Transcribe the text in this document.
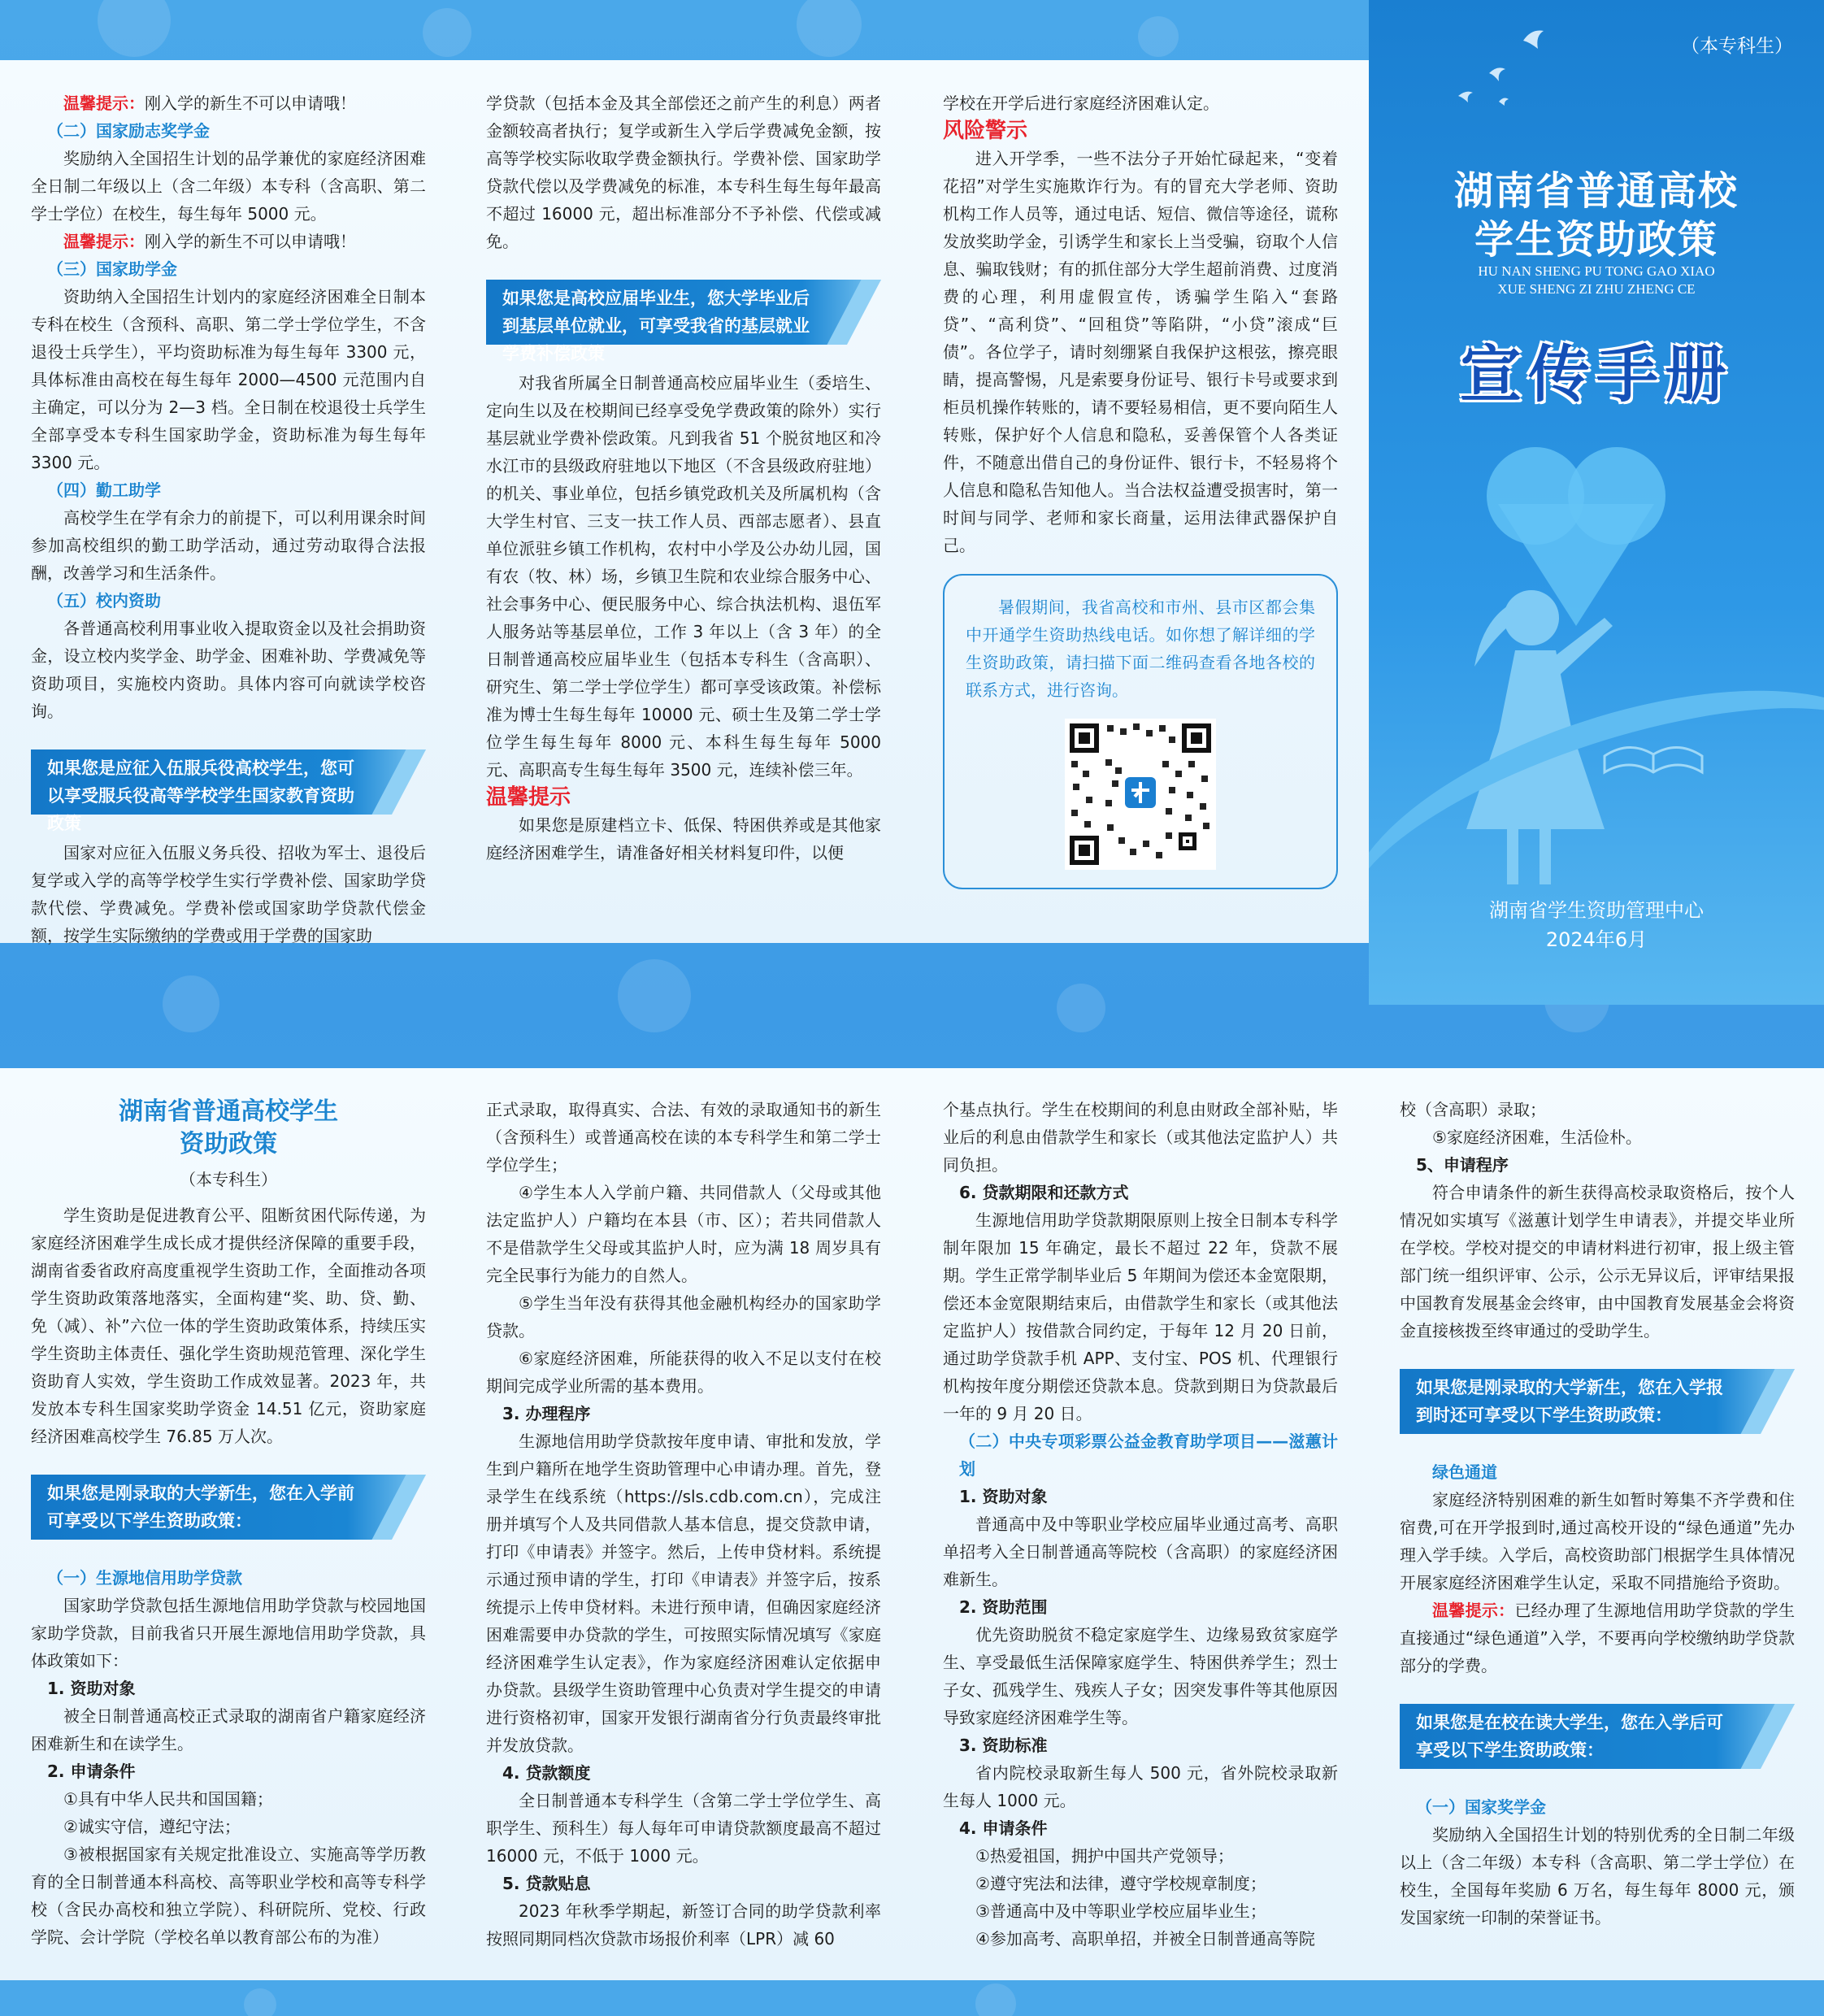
温馨提示：刚入学的新生不可以申请哦！

（二）国家励志奖学金

奖励纳入全国招生计划的品学兼优的家庭经济困难全日制二年级以上（含二年级）本专科（含高职、第二学士学位）在校生，每生每年 5000 元。

温馨提示：刚入学的新生不可以申请哦！

（三）国家助学金

资助纳入全国招生计划内的家庭经济困难全日制本专科在校生（含预科、高职、第二学士学位学生，不含退役士兵学生），平均资助标准为每生每年 3300 元，具体标准由高校在每生每年 2000—4500 元范围内自主确定，可以分为 2—3 档。全日制在校退役士兵学生全部享受本专科生国家助学金，资助标准为每生每年 3300 元。

（四）勤工助学

高校学生在学有余力的前提下，可以利用课余时间参加高校组织的勤工助学活动，通过劳动取得合法报酬，改善学习和生活条件。

（五）校内资助

各普通高校利用事业收入提取资金以及社会捐助资金，设立校内奖学金、助学金、困难补助、学费减免等资助项目，实施校内资助。具体内容可向就读学校咨询。

如果您是应征入伍服兵役高校学生，您可以享受服兵役高等学校学生国家教育资助政策

国家对应征入伍服义务兵役、招收为军士、退役后复学或入学的高等学校学生实行学费补偿、国家助学贷款代偿、学费减免。学费补偿或国家助学贷款代偿金额，按学生实际缴纳的学费或用于学费的国家助

学贷款（包括本金及其全部偿还之前产生的利息）两者金额较高者执行；复学或新生入学后学费减免金额，按高等学校实际收取学费金额执行。学费补偿、国家助学贷款代偿以及学费减免的标准，本专科生每生每年最高不超过 16000 元，超出标准部分不予补偿、代偿或减免。

如果您是高校应届毕业生，您大学毕业后到基层单位就业，可享受我省的基层就业学费补偿政策

对我省所属全日制普通高校应届毕业生（委培生、定向生以及在校期间已经享受免学费政策的除外）实行基层就业学费补偿政策。凡到我省 51 个脱贫地区和冷水江市的县级政府驻地以下地区（不含县级政府驻地）的机关、事业单位，包括乡镇党政机关及所属机构（含大学生村官、三支一扶工作人员、西部志愿者）、县直单位派驻乡镇工作机构，农村中小学及公办幼儿园，国有农（牧、林）场，乡镇卫生院和农业综合服务中心、社会事务中心、便民服务中心、综合执法机构、退伍军人服务站等基层单位，工作 3 年以上（含 3 年）的全日制普通高校应届毕业生（包括本专科生（含高职）、研究生、第二学士学位学生）都可享受该政策。补偿标准为博士生每生每年 10000 元、硕士生及第二学士学位学生每生每年 8000 元、本科生每生每年 5000 元、高职高专生每生每年 3500 元，连续补偿三年。

温馨提示

如果您是原建档立卡、低保、特困供养或是其他家庭经济困难学生，请准备好相关材料复印件，以便

学校在开学后进行家庭经济困难认定。

风险警示

进入开学季，一些不法分子开始忙碌起来，“变着花招”对学生实施欺诈行为。有的冒充大学老师、资助机构工作人员等，通过电话、短信、微信等途径，谎称发放奖助学金，引诱学生和家长上当受骗，窃取个人信息、骗取钱财；有的抓住部分大学生超前消费、过度消费的心理，利用虚假宣传，诱骗学生陷入“套路贷”、“高利贷”、“回租贷”等陷阱，“小贷”滚成“巨债”。各位学子，请时刻绷紧自我保护这根弦，擦亮眼睛，提高警惕，凡是索要身份证号、银行卡号或要求到柜员机操作转账的，请不要轻易相信，更不要向陌生人转账，保护好个人信息和隐私，妥善保管个人各类证件，不随意出借自己的身份证件、银行卡，不轻易将个人信息和隐私告知他人。当合法权益遭受损害时，第一时间与同学、老师和家长商量，运用法律武器保护自己。

暑假期间，我省高校和市州、县市区都会集中开通学生资助热线电话。如你想了解详细的学生资助政策，请扫描下面二维码查看各地各校的联系方式，进行咨询。

（本专科生）
湖南省普通高校
学生资助政策
HU NAN SHENG PU TONG GAO XIAO
XUE SHENG ZI ZHU ZHENG CE
宣传手册
湖南省学生资助管理中心
2024年6月

湖南省普通高校学生

资助政策

（本专科生）

学生资助是促进教育公平、阻断贫困代际传递，为家庭经济困难学生成长成才提供经济保障的重要手段，湖南省委省政府高度重视学生资助工作，全面推动各项学生资助政策落地落实，全面构建“奖、助、贷、勤、免（减）、补”六位一体的学生资助政策体系，持续压实学生资助主体责任、强化学生资助规范管理、深化学生资助育人实效，学生资助工作成效显著。2023 年，共发放本专科生国家奖助学资金 14.51 亿元，资助家庭经济困难高校学生 76.85 万人次。

如果您是刚录取的大学新生，您在入学前可享受以下学生资助政策：

（一）生源地信用助学贷款

国家助学贷款包括生源地信用助学贷款与校园地国家助学贷款，目前我省只开展生源地信用助学贷款，具体政策如下：

1. 资助对象

被全日制普通高校正式录取的湖南省户籍家庭经济困难新生和在读学生。

2. 申请条件

①具有中华人民共和国国籍；

②诚实守信，遵纪守法；

③被根据国家有关规定批准设立、实施高等学历教育的全日制普通本科高校、高等职业学校和高等专科学校（含民办高校和独立学院）、科研院所、党校、行政学院、会计学院（学校名单以教育部公布的为准）

正式录取，取得真实、合法、有效的录取通知书的新生（含预科生）或普通高校在读的本专科学生和第二学士学位学生；

④学生本人入学前户籍、共同借款人（父母或其他法定监护人）户籍均在本县（市、区）；若共同借款人不是借款学生父母或其监护人时，应为满 18 周岁具有完全民事行为能力的自然人。

⑤学生当年没有获得其他金融机构经办的国家助学贷款。

⑥家庭经济困难，所能获得的收入不足以支付在校期间完成学业所需的基本费用。

3. 办理程序

生源地信用助学贷款按年度申请、审批和发放，学生到户籍所在地学生资助管理中心申请办理。首先，登录学生在线系统（https://sls.cdb.com.cn），完成注册并填写个人及共同借款人基本信息，提交贷款申请，打印《申请表》并签字。然后，上传申贷材料。系统提示通过预申请的学生，打印《申请表》并签字后，按系统提示上传申贷材料。未进行预申请，但确因家庭经济困难需要申办贷款的学生，可按照实际情况填写《家庭经济困难学生认定表》，作为家庭经济困难认定依据申办贷款。县级学生资助管理中心负责对学生提交的申请进行资格初审，国家开发银行湖南省分行负责最终审批并发放贷款。

4. 贷款额度

全日制普通本专科学生（含第二学士学位学生、高职学生、预科生）每人每年可申请贷款额度最高不超过 16000 元，不低于 1000 元。

5. 贷款贴息

2023 年秋季学期起，新签订合同的助学贷款利率按照同期同档次贷款市场报价利率（LPR）减 60

个基点执行。学生在校期间的利息由财政全部补贴，毕业后的利息由借款学生和家长（或其他法定监护人）共同负担。

6. 贷款期限和还款方式

生源地信用助学贷款期限原则上按全日制本专科学制年限加 15 年确定，最长不超过 22 年，贷款不展期。学生正常学制毕业后 5 年期间为偿还本金宽限期，偿还本金宽限期结束后，由借款学生和家长（或其他法定监护人）按借款合同约定，于每年 12 月 20 日前，通过助学贷款手机 APP、支付宝、POS 机、代理银行机构按年度分期偿还贷款本息。贷款到期日为贷款最后一年的 9 月 20 日。

（二）中央专项彩票公益金教育助学项目——滋蕙计划

1. 资助对象

普通高中及中等职业学校应届毕业通过高考、高职单招考入全日制普通高等院校（含高职）的家庭经济困难新生。

2. 资助范围

优先资助脱贫不稳定家庭学生、边缘易致贫家庭学生、享受最低生活保障家庭学生、特困供养学生；烈士子女、孤残学生、残疾人子女；因突发事件等其他原因导致家庭经济困难学生等。

3. 资助标准

省内院校录取新生每人 500 元，省外院校录取新生每人 1000 元。

4. 申请条件

①热爱祖国，拥护中国共产党领导；

②遵守宪法和法律，遵守学校规章制度；

③普通高中及中等职业学校应届毕业生；

④参加高考、高职单招，并被全日制普通高等院

校（含高职）录取；

⑤家庭经济困难，生活俭朴。

5、申请程序

符合申请条件的新生获得高校录取资格后，按个人情况如实填写《滋蕙计划学生申请表》，并提交毕业所在学校。学校对提交的申请材料进行初审，报上级主管部门统一组织评审、公示，公示无异议后，评审结果报中国教育发展基金会终审，由中国教育发展基金会将资金直接核拨至终审通过的受助学生。

如果您是刚录取的大学新生，您在入学报到时还可享受以下学生资助政策：

绿色通道

家庭经济特别困难的新生如暂时筹集不齐学费和住宿费,可在开学报到时,通过高校开设的“绿色通道”先办理入学手续。入学后，高校资助部门根据学生具体情况开展家庭经济困难学生认定，采取不同措施给予资助。

温馨提示：已经办理了生源地信用助学贷款的学生直接通过“绿色通道”入学，不要再向学校缴纳助学贷款部分的学费。

如果您是在校在读大学生，您在入学后可享受以下学生资助政策：

（一）国家奖学金

奖励纳入全国招生计划的特别优秀的全日制二年级以上（含二年级）本专科（含高职、第二学士学位）在校生，全国每年奖励 6 万名，每生每年 8000 元，颁发国家统一印制的荣誉证书。
